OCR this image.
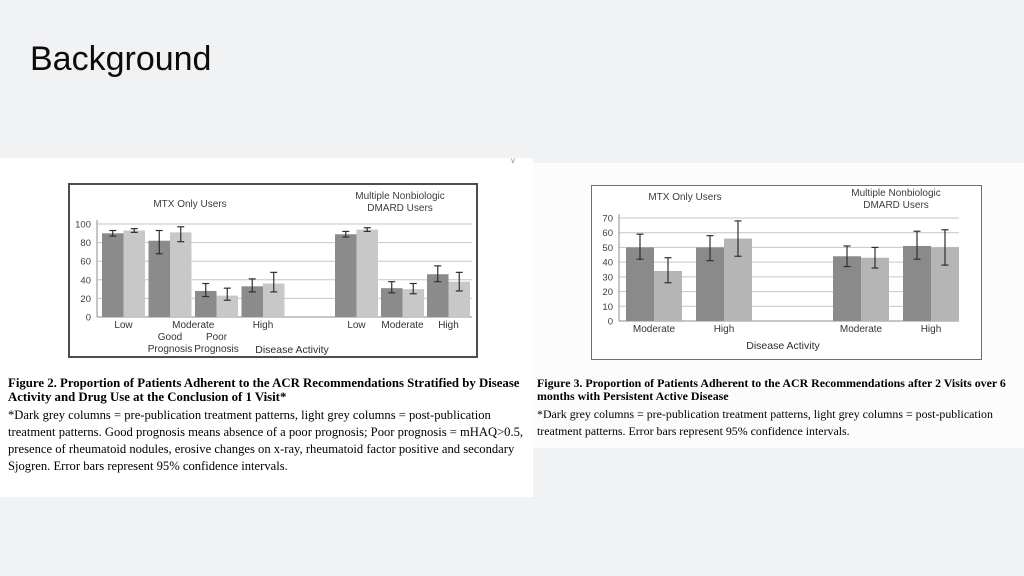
Background
v
0
20
40
60
80
100
MTX Only Users
Low	Moderate	High
Good
Prognosis
Poor
Prognosis
Multiple Nonbiologic
DMARD Users
Low Moderate High
Disease Activity
0
10
20
30
40
50
60
70
MTX Only Users
Moderate	High
Multiple Nonbiologic
DMARD Users
Moderate	High
Disease Activity
Figure 2. Proportion of Patients Adherent to the ACR Recommendations Stratified by Disease Activity and Drug Use at the Conclusion of 1 Visit*
*Dark grey columns = pre-publication treatment patterns, light grey columns = post-publication treatment patterns. Good prognosis means absence of a poor prognosis; Poor prognosis = mHAQ>0.5, presence of rheumatoid nodules, erosive changes on x-ray, rheumatoid factor positive and secondary Sjogren. Error bars represent 95% confidence intervals.
Figure 3. Proportion of Patients Adherent to the ACR Recommendations after 2 Visits over 6 months with Persistent Active Disease
*Dark grey columns = pre-publication treatment patterns, light grey columns = post-publication treatment patterns. Error bars represent 95% confidence intervals.
